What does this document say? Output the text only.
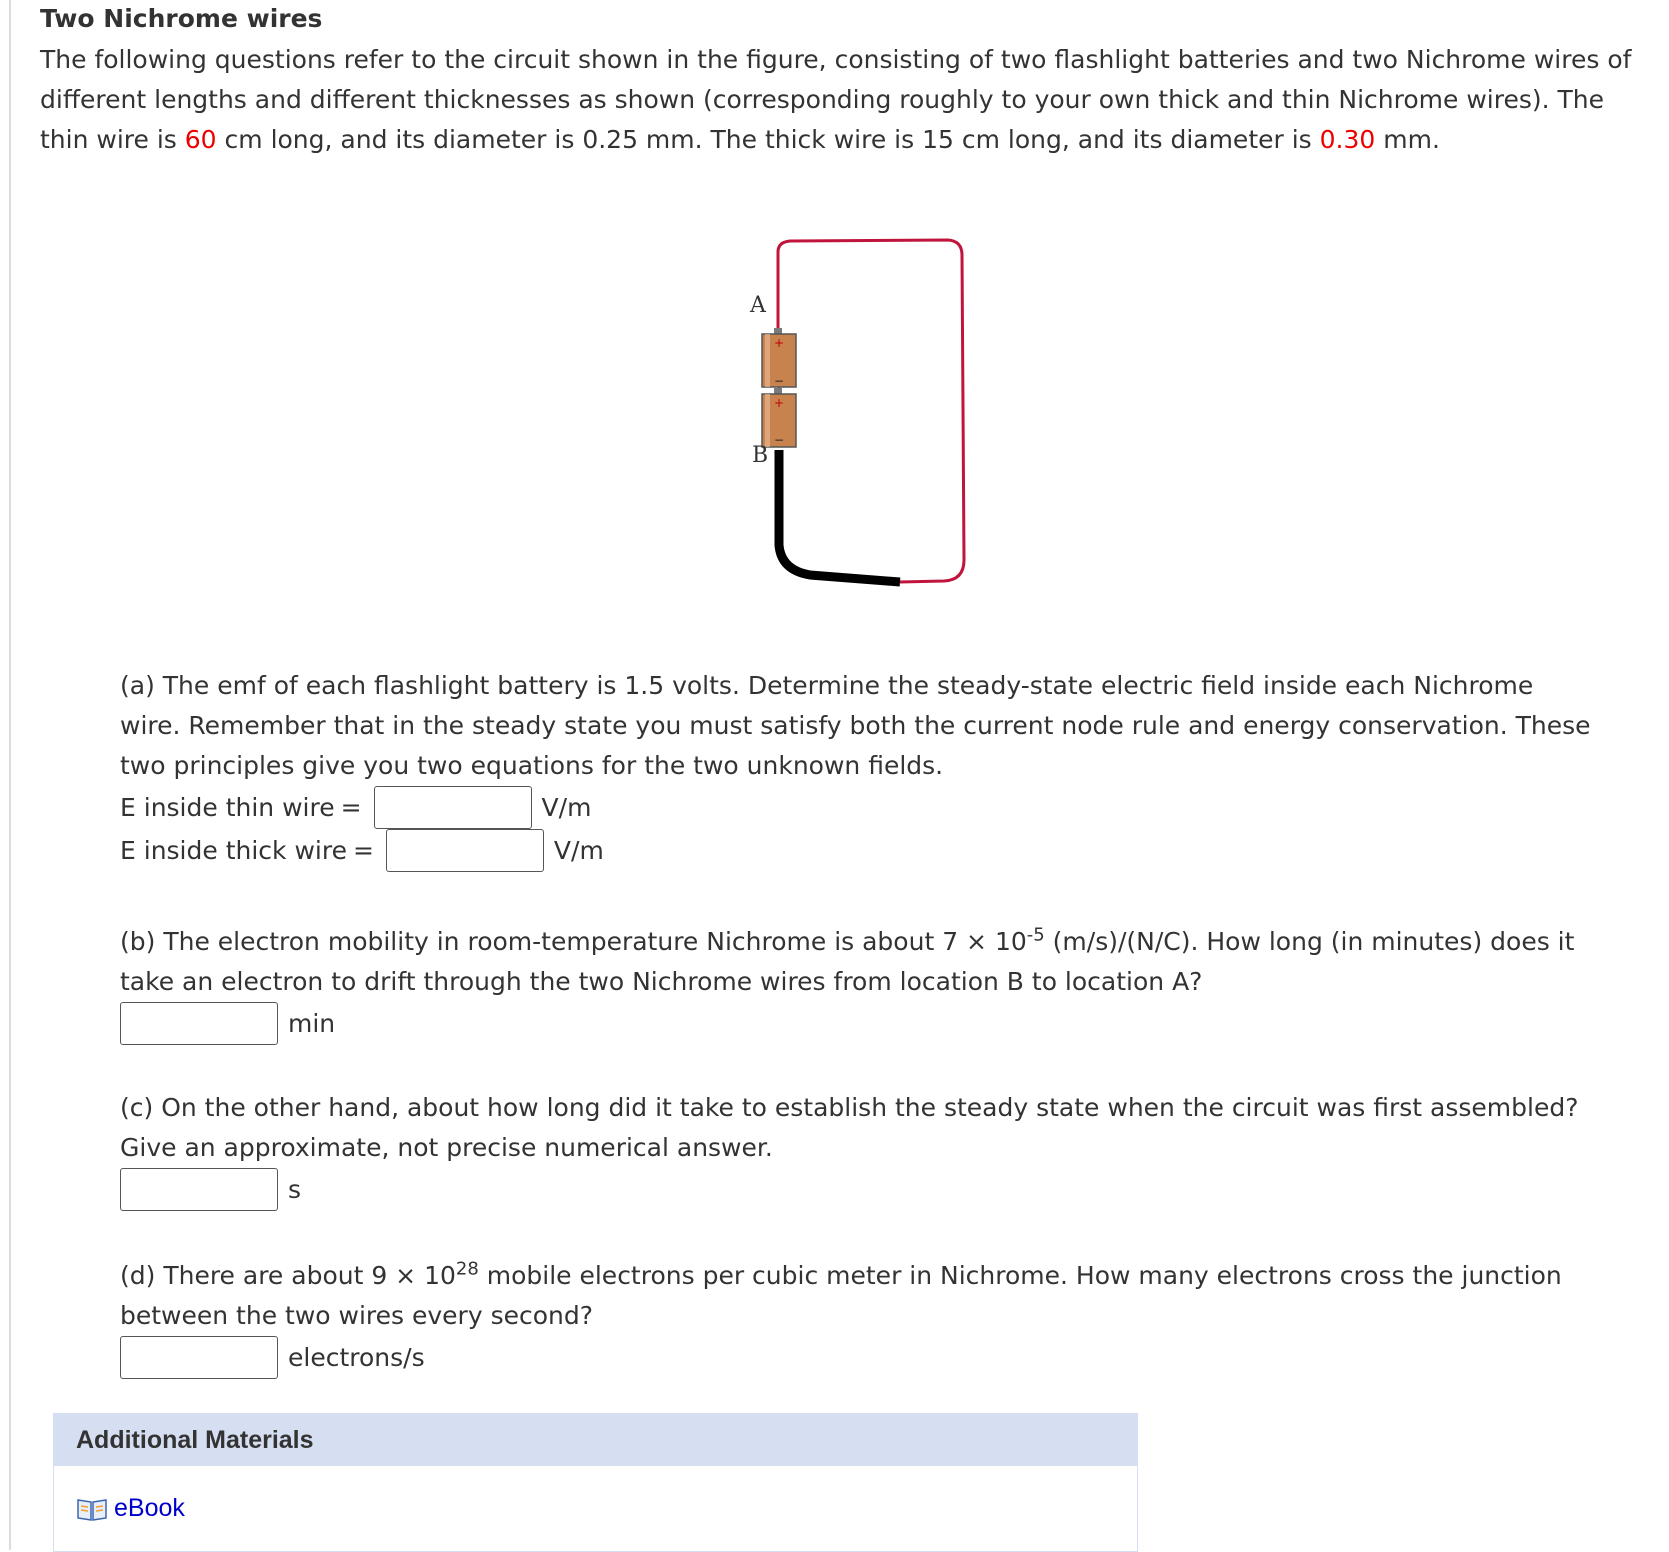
Two Nichrome wires
The following questions refer to the circuit shown in the figure, consisting of two flashlight batteries and two Nichrome wires of different lengths and different thicknesses as shown (corresponding roughly to your own thick and thin Nichrome wires). The thin wire is 60 cm long, and its diameter is 0.25 mm. The thick wire is 15 cm long, and its diameter is 0.30 mm.
A
+
−
+
−
B
(a) The emf of each flashlight battery is 1.5 volts. Determine the steady-state electric field inside each Nichrome wire. Remember that in the steady state you must satisfy both the current node rule and energy conservation. These two principles give you two equations for the two unknown fields.
E inside thin wire =	V/m
E inside thick wire =	V/m
(b) The electron mobility in room-temperature Nichrome is about $7 \times 10^{-5}$ (m/s)/(N/C). How long (in minutes) does it take an electron to drift through the two Nichrome wires from location B to location A?
min
(c) On the other hand, about how long did it take to establish the steady state when the circuit was first assembled? Give an approximate, not precise numerical answer.
s
(d) There are about $9 \times 10^{28}$ mobile electrons per cubic meter in Nichrome. How many electrons cross the junction between the two wires every second?
electrons/s
Additional Materials
eBook
